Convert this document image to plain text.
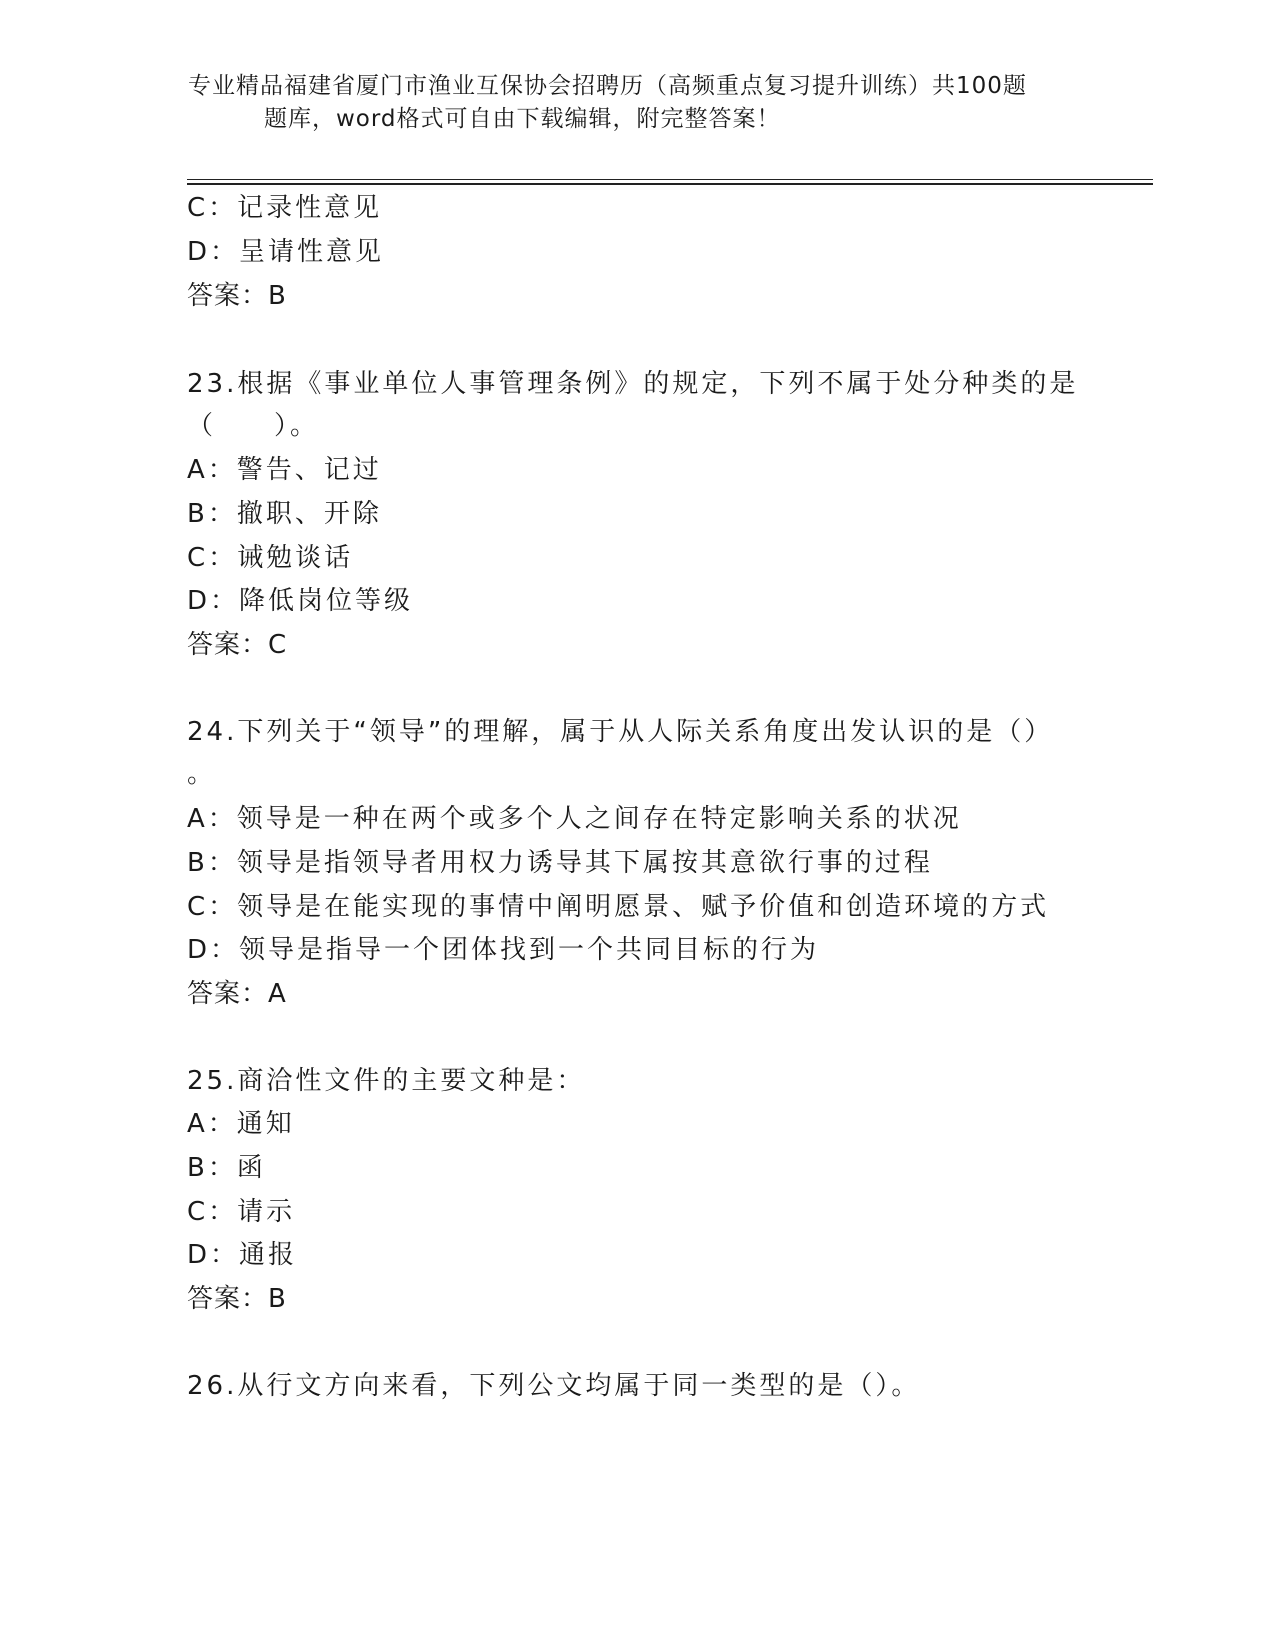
专业精品福建省厦门市渔业互保协会招聘历（高频重点复习提升训练）共100题
题库，word格式可自由下载编辑，附完整答案！
C：记录性意见
D：呈请性意见
答案：B
23.根据《事业单位人事管理条例》的规定，下列不属于处分种类的是
（　　）。
A：警告、记过
B：撤职、开除
C：诫勉谈话
D：降低岗位等级
答案：C
24.下列关于“领导”的理解，属于从人际关系角度出发认识的是（）
。
A：领导是一种在两个或多个人之间存在特定影响关系的状况
B：领导是指领导者用权力诱导其下属按其意欲行事的过程
C：领导是在能实现的事情中阐明愿景、赋予价值和创造环境的方式
D：领导是指导一个团体找到一个共同目标的行为
答案：A
25.商洽性文件的主要文种是：
A：通知
B：函
C：请示
D：通报
答案：B
26.从行文方向来看，下列公文均属于同一类型的是（）。
